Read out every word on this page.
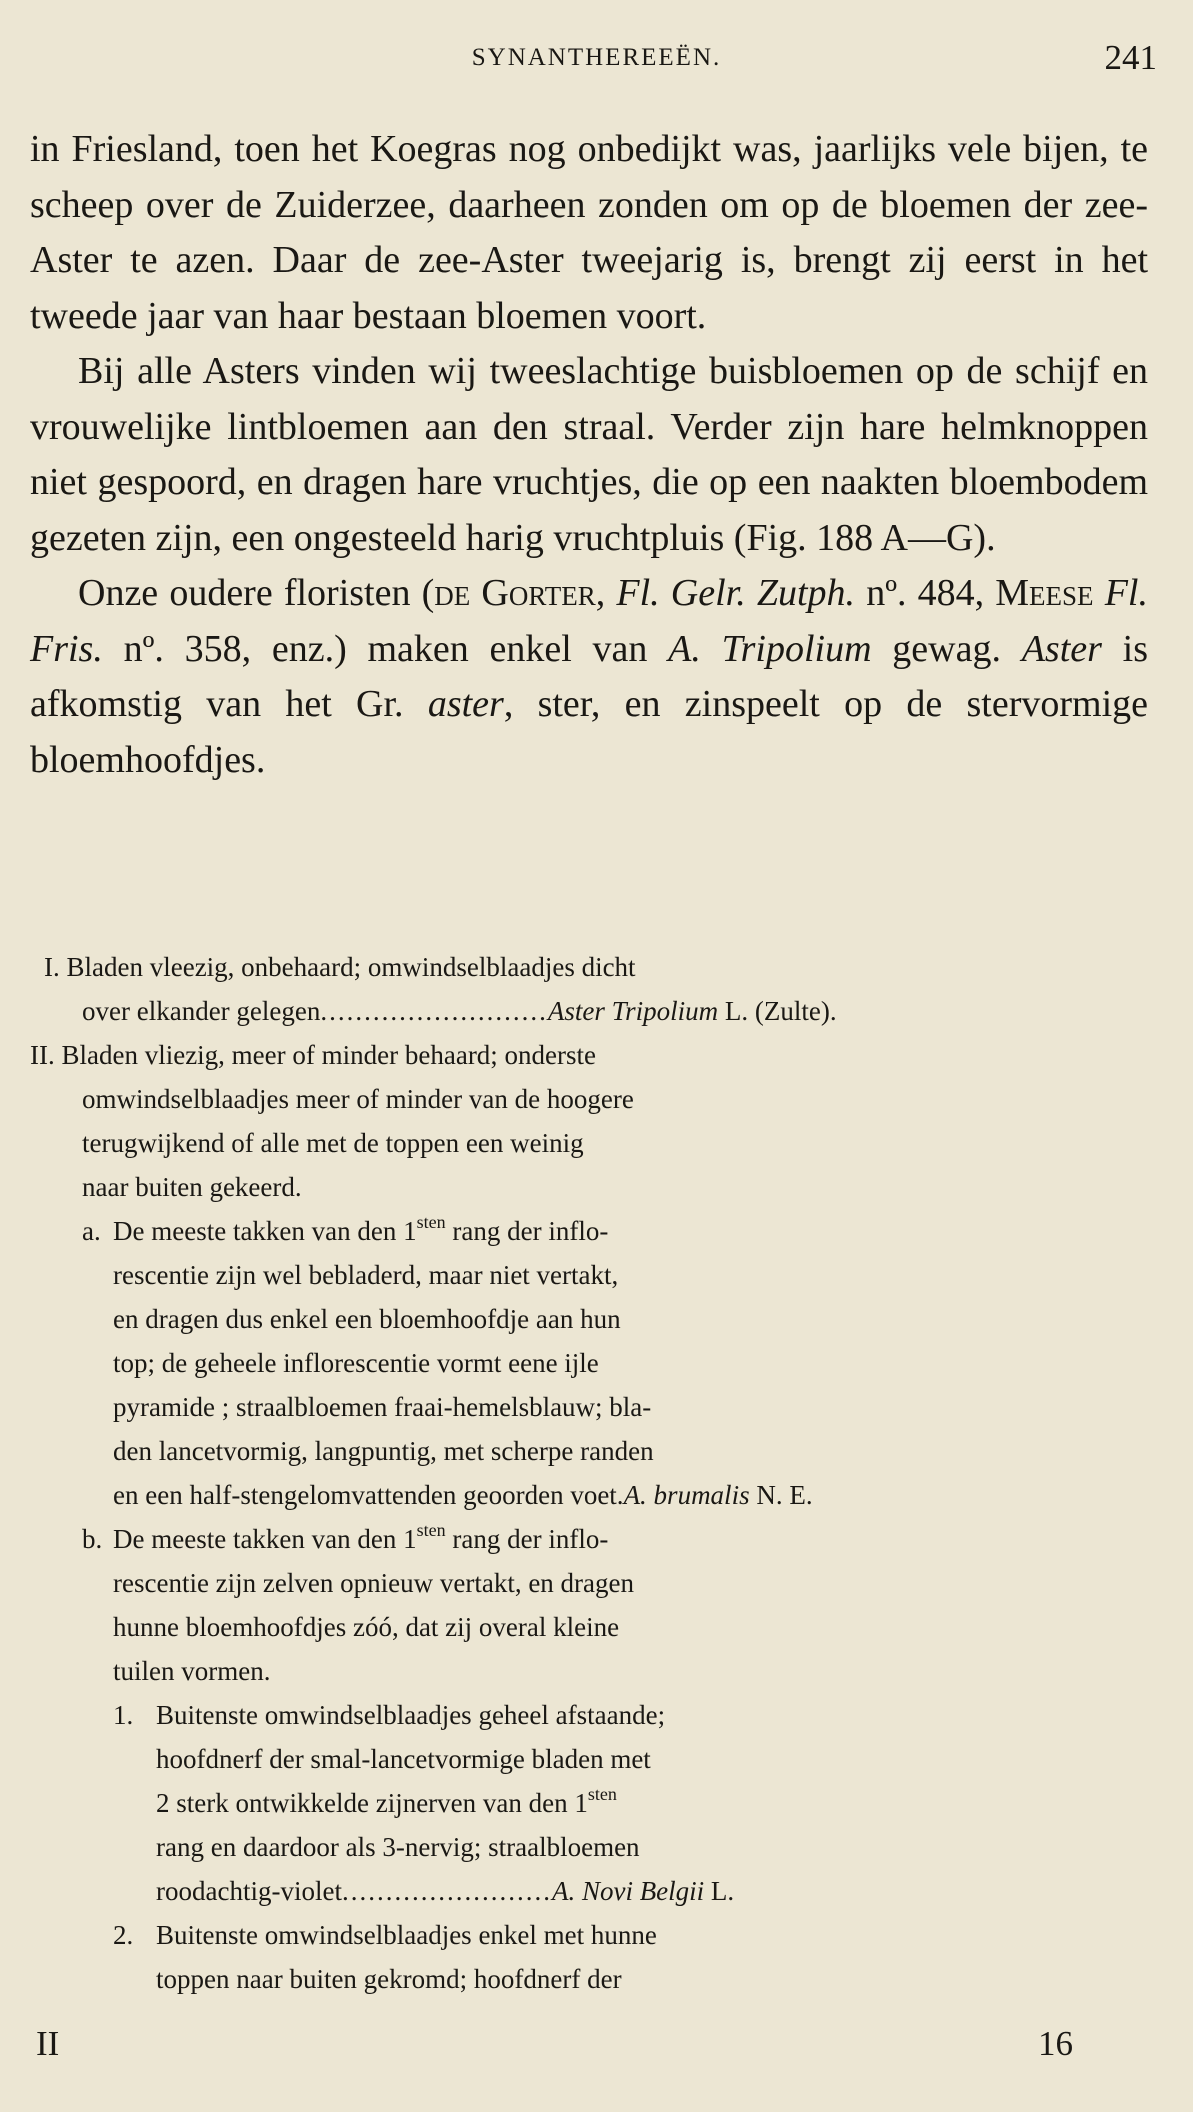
SYNANTHEREEËN.	241

in Friesland, toen het Koegras nog onbedijkt was, jaarlijks vele bijen, te scheep over de Zuiderzee, daarheen zonden om op de bloemen der zee-Aster te azen. Daar de zee-Aster tweejarig is, brengt zij eerst in het tweede jaar van haar bestaan bloemen voort.

Bij alle Asters vinden wij tweeslachtige buisbloemen op de schijf en vrouwelijke lintbloemen aan den straal. Verder zijn hare helmknoppen niet gespoord, en dragen hare vruchtjes, die op een naakten bloembodem gezeten zijn, een ongesteeld harig vruchtpluis (Fig. 188 A—G).

Onze oudere floristen (de Gorter, Fl. Gelr. Zutph. nº. 484, Meese Fl. Fris. nº. 358, enz.) maken enkel van A. Tripolium gewag. Aster is afkomstig van het Gr. aster, ster, en zinspeelt op de stervormige bloemhoofdjes.

I. Bladen vleezig, onbehaard; omwindselblaadjes dicht
over elkander gelegen..........................Aster Tripolium L. (Zulte).
II. Bladen vliezig, meer of minder behaard; onderste
omwindselblaadjes meer of minder van de hoogere
terugwijkend of alle met de toppen een weinig
naar buiten gekeerd.
a. De meeste takken van den $1^{sten}$ rang der inflo-
rescentie zijn wel bebladerd, maar niet vertakt,
en dragen dus enkel een bloemhoofdje aan hun
top; de geheele inflorescentie vormt eene ijle
pyramide ; straalbloemen fraai-hemelsblauw; bla-
den lancetvormig, langpuntig, met scherpe randen
en een half-stengelomvattenden geoorden voet.A. brumalis N. E.
b. De meeste takken van den $1^{sten}$ rang der inflo-
rescentie zijn zelven opnieuw vertakt, en dragen
hunne bloemhoofdjes zóó, dat zij overal kleine
tuilen vormen.
1. Buitenste omwindselblaadjes geheel afstaande;
hoofdnerf der smal-lancetvormige bladen met
2 sterk ontwikkelde zijnerven van den $1^{sten}$
rang en daardoor als 3-nervig; straalbloemen
roodachtig-violet........................A. Novi Belgii L.
2. Buitenste omwindselblaadjes enkel met hunne
toppen naar buiten gekromd; hoofdnerf der
II	16
